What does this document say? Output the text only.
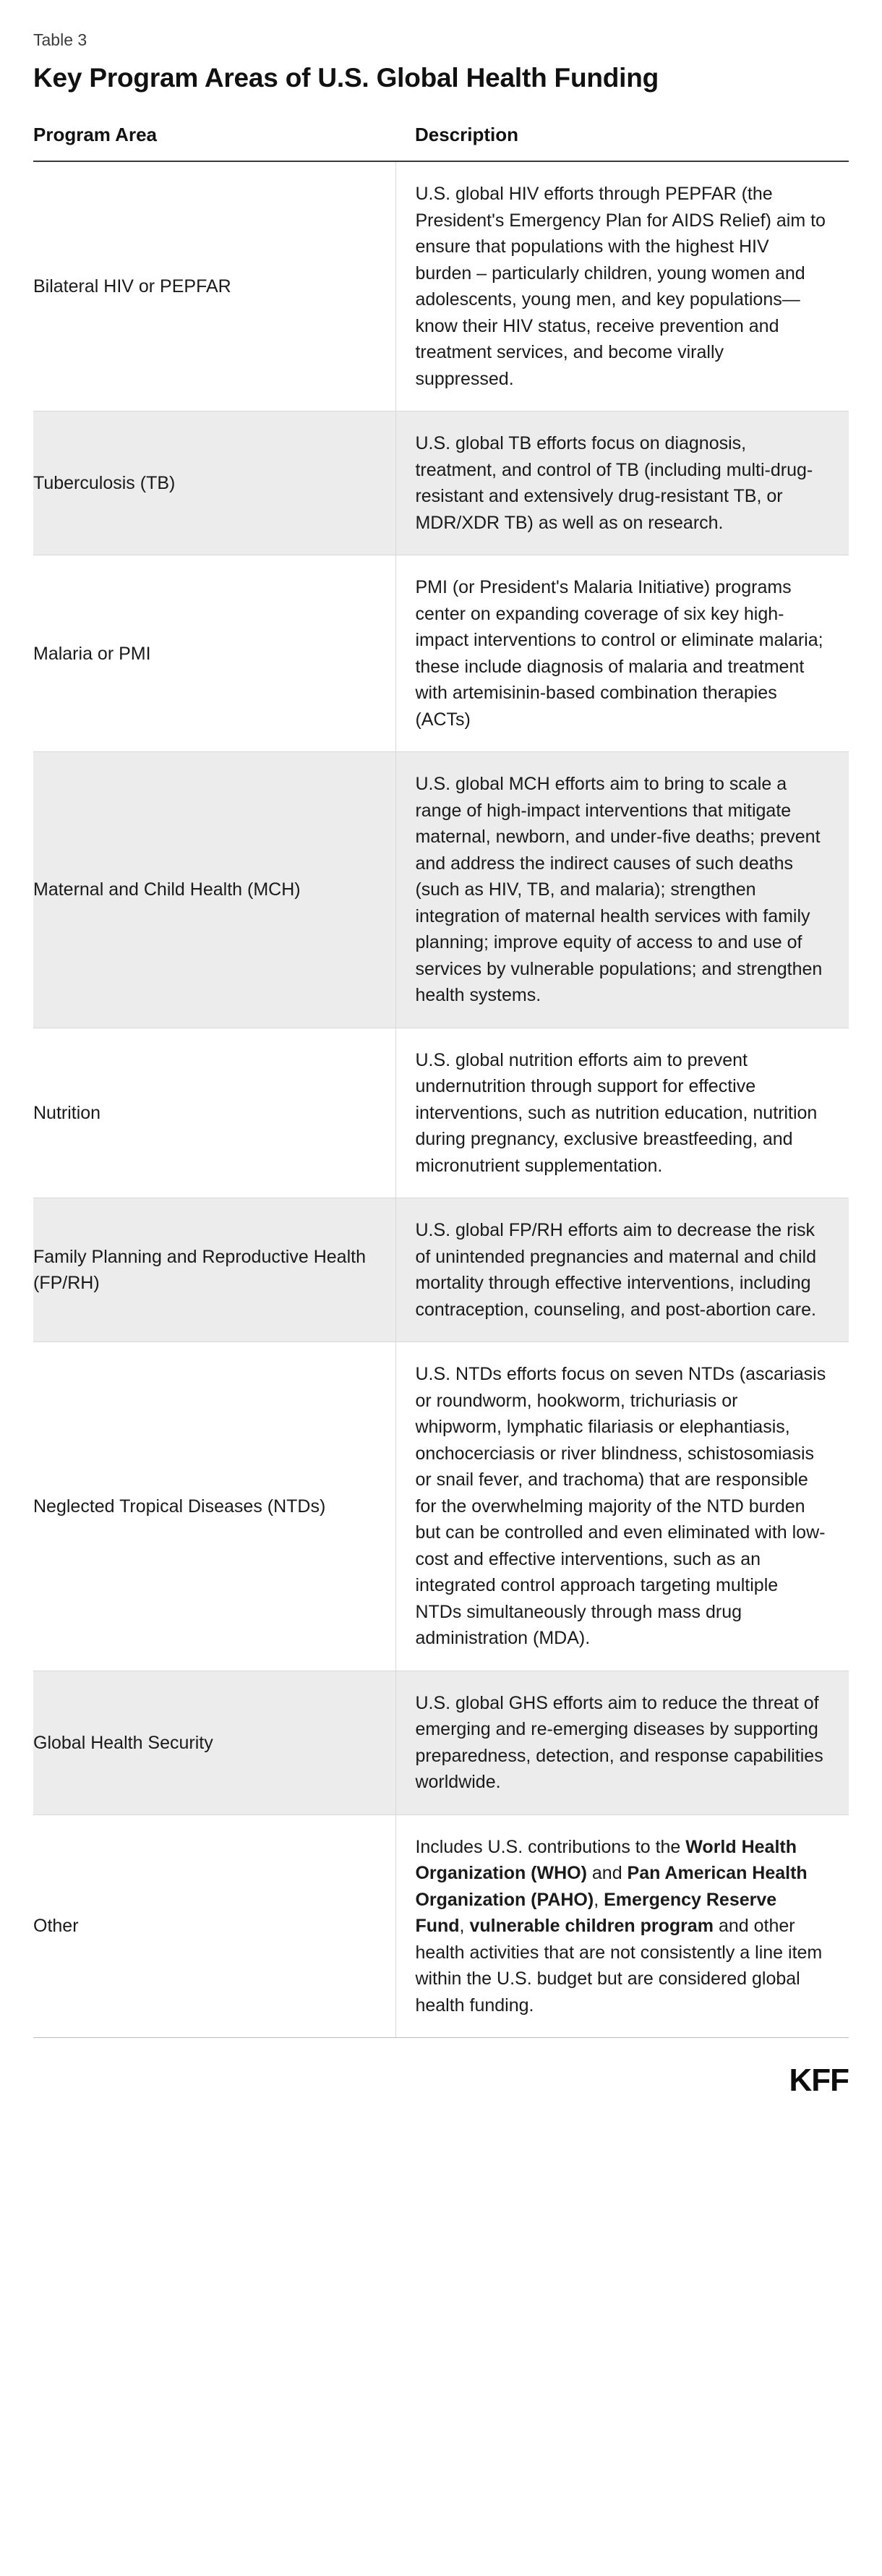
Table 3
Key Program Areas of U.S. Global Health Funding
Program Area	Description
Bilateral HIV or PEPFAR	U.S. global HIV efforts through PEPFAR (the President's Emergency Plan for AIDS Relief) aim to ensure that populations with the highest HIV burden – particularly children, young women and adolescents, young men, and key populations— know their HIV status, receive prevention and treatment services, and become virally suppressed.

Tuberculosis (TB)	U.S. global TB efforts focus on diagnosis, treatment, and control of TB (including multi-drug-resistant and extensively drug-resistant TB, or MDR/XDR TB) as well as on research.

Malaria or PMI	PMI (or President's Malaria Initiative) programs center on expanding coverage of six key high-impact interventions to control or eliminate malaria; these include diagnosis of malaria and treatment with artemisinin-based combination therapies (ACTs)

Maternal and Child Health (MCH)	U.S. global MCH efforts aim to bring to scale a range of high-impact interventions that mitigate maternal, newborn, and under-five deaths; prevent and address the indirect causes of such deaths (such as HIV, TB, and malaria); strengthen integration of maternal health services with family planning; improve equity of access to and use of services by vulnerable populations; and strengthen health systems.

Nutrition	U.S. global nutrition efforts aim to prevent undernutrition through support for effective interventions, such as nutrition education, nutrition during pregnancy, exclusive breastfeeding, and micronutrient supplementation.

Family Planning and Reproductive Health (FP/RH)	U.S. global FP/RH efforts aim to decrease the risk of unintended pregnancies and maternal and child mortality through effective interventions, including contraception, counseling, and post-abortion care.

Neglected Tropical Diseases (NTDs)	U.S. NTDs efforts focus on seven NTDs (ascariasis or roundworm, hookworm, trichuriasis or whipworm, lymphatic filariasis or elephantiasis, onchocerciasis or river blindness, schistosomiasis or snail fever, and trachoma) that are responsible for the overwhelming majority of the NTD burden but can be controlled and even eliminated with low-cost and effective interventions, such as an integrated control approach targeting multiple NTDs simultaneously through mass drug administration (MDA).

Global Health Security	U.S. global GHS efforts aim to reduce the threat of emerging and re-emerging diseases by supporting preparedness, detection, and response capabilities worldwide.

Other	Includes U.S. contributions to the World Health Organization (WHO) and Pan American Health Organization (PAHO), Emergency Reserve Fund, vulnerable children program and other health activities that are not consistently a line item within the U.S. budget but are considered global health funding.
KFF
